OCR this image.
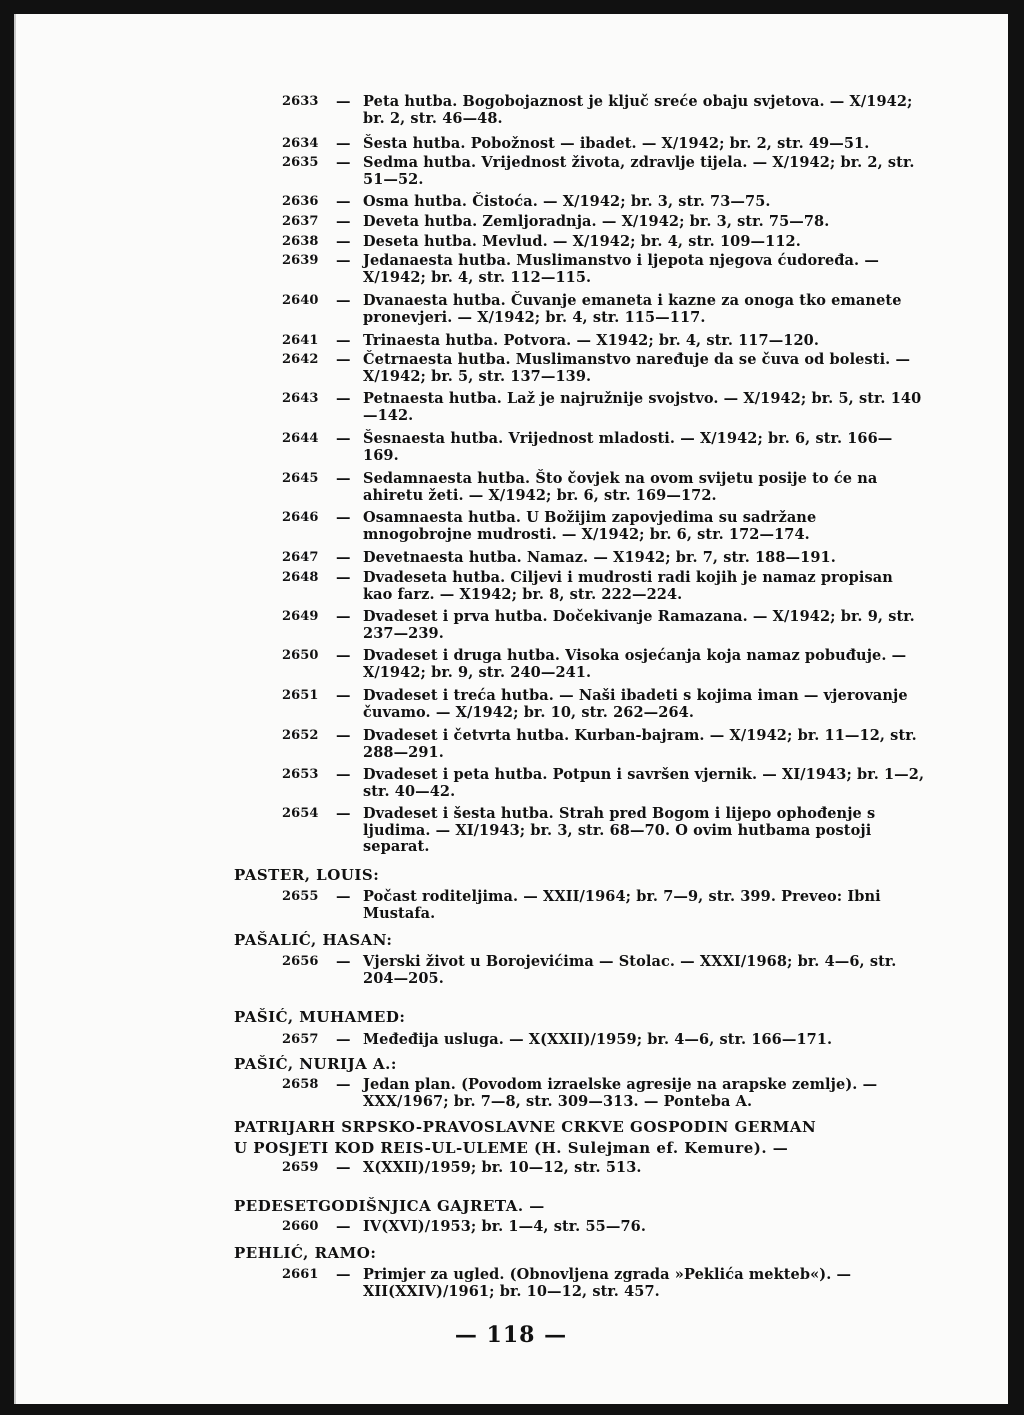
2633 — Peta hutba. Bogobojaznost je ključ sreće obaju svjetova. — X/1942; br. 2, str. 46—48.
2634 — Šesta hutba. Pobožnost — ibadet. — X/1942; br. 2, str. 49—51.
2635 — Sedma hutba. Vrijednost života, zdravlje tijela. — X/1942; br. 2, str. 51—52.
2636 — Osma hutba. Čistoća. — X/1942; br. 3, str. 73—75.
2637 — Deveta hutba. Zemljoradnja. — X/1942; br. 3, str. 75—78.
2638 — Deseta hutba. Mevlud. — X/1942; br. 4, str. 109—112.
2639 — Jedanaesta hutba. Muslimanstvo i ljepota njegova ćudoređa. — X/1942; br. 4, str. 112—115.
2640 — Dvanaesta hutba. Čuvanje emaneta i kazne za onoga tko emanete pronevjeri. — X/1942; br. 4, str. 115—117.
2641 — Trinaesta hutba. Potvora. — X1942; br. 4, str. 117—120.
2642 — Četrnaesta hutba. Muslimanstvo naređuje da se čuva od bolesti. — X/1942; br. 5, str. 137—139.
2643 — Petnaesta hutba. Laž je najružnije svojstvo. — X/1942; br. 5, str. 140—142.
2644 — Šesnaesta hutba. Vrijednost mladosti. — X/1942; br. 6, str. 166—169.
2645 — Sedamnaesta hutba. Što čovjek na ovom svijetu posije to će na ahiretu žeti. — X/1942; br. 6, str. 169—172.
2646 — Osamnaesta hutba. U Božijim zapovjedima su sadržane mnogobrojne mudrosti. — X/1942; br. 6, str. 172—174.
2647 — Devetnaesta hutba. Namaz. — X1942; br. 7, str. 188—191.
2648 — Dvadeseta hutba. Ciljevi i mudrosti radi kojih je namaz propisan kao farz. — X1942; br. 8, str. 222—224.
2649 — Dvadeset i prva hutba. Dočekivanje Ramazana. — X/1942; br. 9, str. 237—239.
2650 — Dvadeset i druga hutba. Visoka osjećanja koja namaz pobuđuje. — X/1942; br. 9, str. 240—241.
2651 — Dvadeset i treća hutba. — Naši ibadeti s kojima iman — vjerovanje čuvamo. — X/1942; br. 10, str. 262—264.
2652 — Dvadeset i četvrta hutba. Kurban-bajram. — X/1942; br. 11—12, str. 288—291.
2653 — Dvadeset i peta hutba. Potpun i savršen vjernik. — XI/1943; br. 1—2, str. 40—42.
2654 — Dvadeset i šesta hutba. Strah pred Bogom i lijepo ophođenje s ljudima. — XI/1943; br. 3, str. 68—70. O ovim hutbama postoji separat.
PASTER, LOUIS:
2655 — Počast roditeljima. — XXII/1964; br. 7—9, str. 399. Preveo: Ibni Mustafa.
PAŠALIĆ, HASAN:
2656 — Vjerski život u Borojevićima — Stolac. — XXXI/1968; br. 4—6, str. 204—205.
PAŠIĆ, MUHAMED:
2657 — Međeđija usluga. — X(XXII)/1959; br. 4—6, str. 166—171.
PAŠIĆ, NURIJA A.:
2658 — Jedan plan. (Povodom izraelske agresije na arapske zemlje). — XXX/1967; br. 7—8, str. 309—313. — Ponteba A.
PATRIJARH SRPSKO-PRAVOSLAVNE CRKVE GOSPODIN GERMAN
U POSJETI KOD REIS-UL-ULEME (H. Sulejman ef. Kemure). —
2659 — X(XXII)/1959; br. 10—12, str. 513.
PEDESETGODIŠNJICA GAJRETA. —
2660 — IV(XVI)/1953; br. 1—4, str. 55—76.
PEHLIĆ, RAMO:
2661 — Primjer za ugled. (Obnovljena zgrada »Peklića mekteb«). — XII(XXIV)/1961; br. 10—12, str. 457.
— 118 —
